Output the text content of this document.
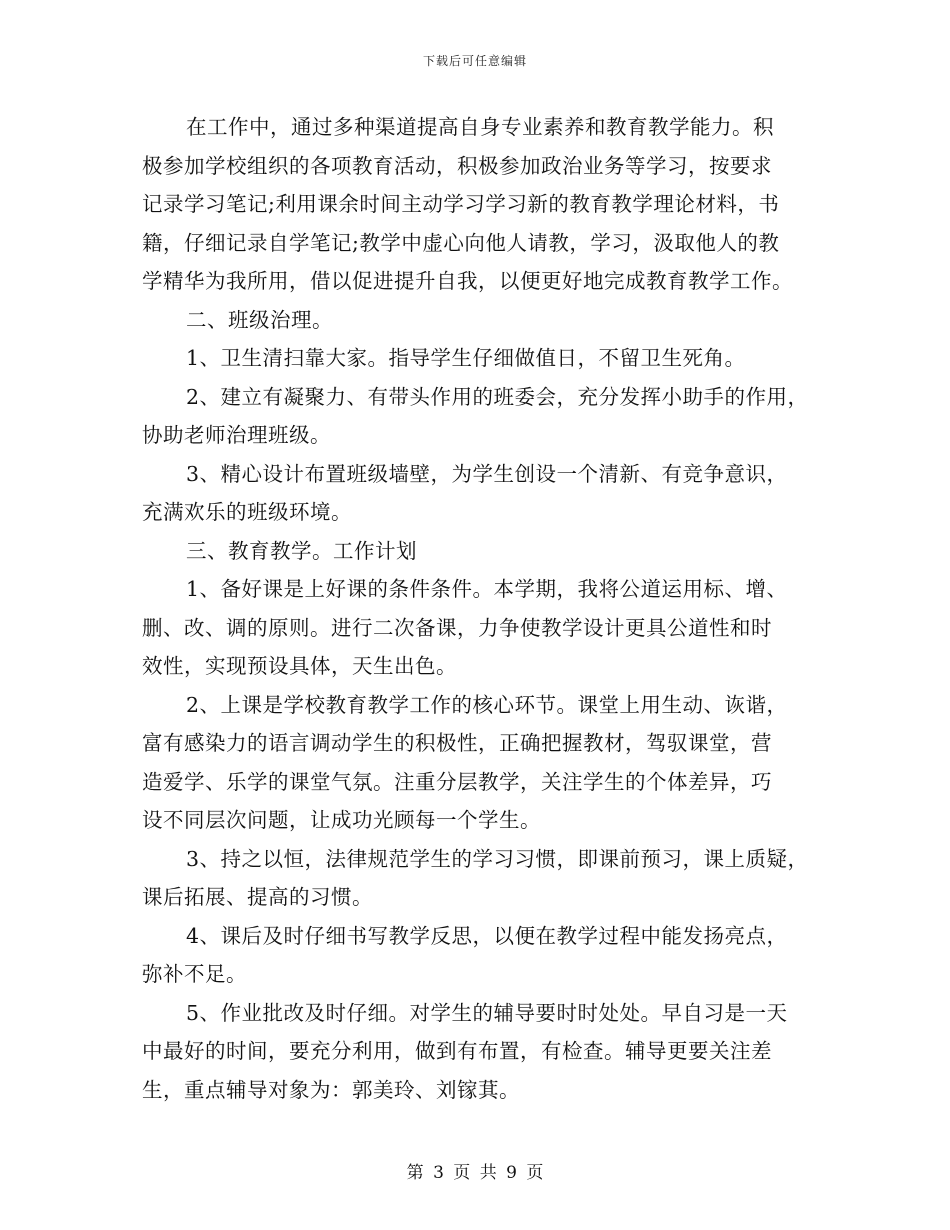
下载后可任意编辑
在工作中，通过多种渠道提高自身专业素养和教育教学能力。积
极参加学校组织的各项教育活动，积极参加政治业务等学习，按要求
记录学习笔记;利用课余时间主动学习学习新的教育教学理论材料，书
籍，仔细记录自学笔记;教学中虚心向他人请教，学习，汲取他人的教
学精华为我所用，借以促进提升自我，以便更好地完成教育教学工作。
二、班级治理。
1、卫生清扫靠大家。指导学生仔细做值日，不留卫生死角。
2、建立有凝聚力、有带头作用的班委会，充分发挥小助手的作用，
协助老师治理班级。
3、精心设计布置班级墙壁，为学生创设一个清新、有竞争意识，
充满欢乐的班级环境。
三、教育教学。工作计划
1、备好课是上好课的条件条件。本学期，我将公道运用标、增、
删、改、调的原则。进行二次备课，力争使教学设计更具公道性和时
效性，实现预设具体，天生出色。
2、上课是学校教育教学工作的核心环节。课堂上用生动、诙谐，
富有感染力的语言调动学生的积极性，正确把握教材，驾驭课堂，营
造爱学、乐学的课堂气氛。注重分层教学，关注学生的个体差异，巧
设不同层次问题，让成功光顾每一个学生。
3、持之以恒，法律规范学生的学习习惯，即课前预习，课上质疑，
课后拓展、提高的习惯。
4、课后及时仔细书写教学反思，以便在教学过程中能发扬亮点，
弥补不足。
5、作业批改及时仔细。对学生的辅导要时时处处。早自习是一天
中最好的时间，要充分利用，做到有布置，有检查。辅导更要关注差
生，重点辅导对象为：郭美玲、刘镓萁。
第 3 页 共 9 页
